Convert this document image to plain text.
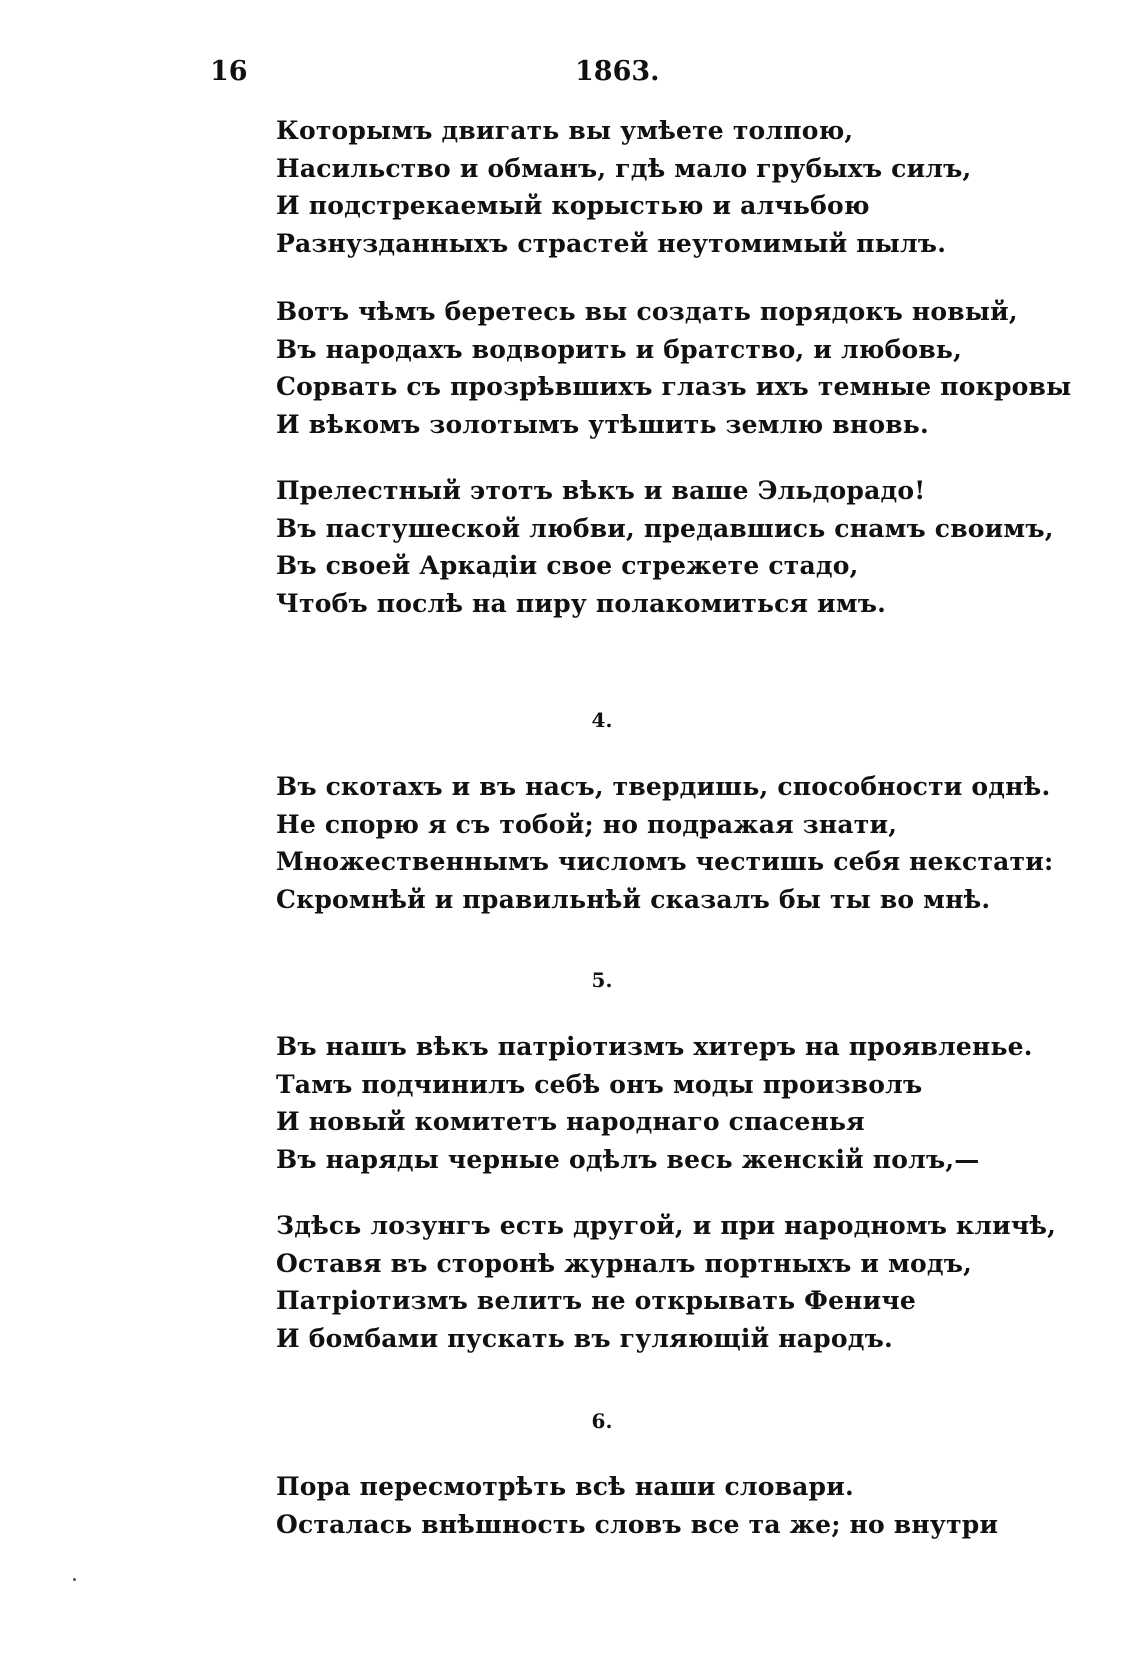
16	1863.

Которымъ двигать вы умѣете толпою,
Насильство и обманъ, гдѣ мало грубыхъ силъ,
И подстрекаемый корыстью и алчьбою
Разнузданныхъ страстей неутомимый пылъ.
Вотъ чѣмъ беретесь вы создать порядокъ новый,
Въ народахъ водворить и братство, и любовь,
Сорвать съ прозрѣвшихъ глазъ ихъ темные покровы
И вѣкомъ золотымъ утѣшить землю вновь.
Прелестный этотъ вѣкъ и ваше Эльдорадо!
Въ пастушеской любви, предавшись снамъ своимъ,
Въ своей Аркадіи свое стрежете стадо,
Чтобъ послѣ на пиру полакомиться имъ.

4.

Въ скотахъ и въ насъ, твердишь, способности однѣ.
Не спорю я съ тобой; но подражая знати,
Множественнымъ числомъ честишь себя некстати:
Скромнѣй и правильнѣй сказалъ бы ты во мнѣ.

5.

Въ нашъ вѣкъ патріотизмъ хитеръ на проявленье.
Тамъ подчинилъ себѣ онъ моды произволъ
И новый комитетъ народнаго спасенья
Въ наряды черные одѣлъ весь женскій полъ,—
Здѣсь лозунгъ есть другой, и при народномъ кличѣ,
Оставя въ сторонѣ журналъ портныхъ и модъ,
Патріотизмъ велитъ не открывать Фениче
И бомбами пускать въ гуляющій народъ.

6.

Пора пересмотрѣть всѣ наши словари.
Осталась внѣшность словъ все та же; но внутри
